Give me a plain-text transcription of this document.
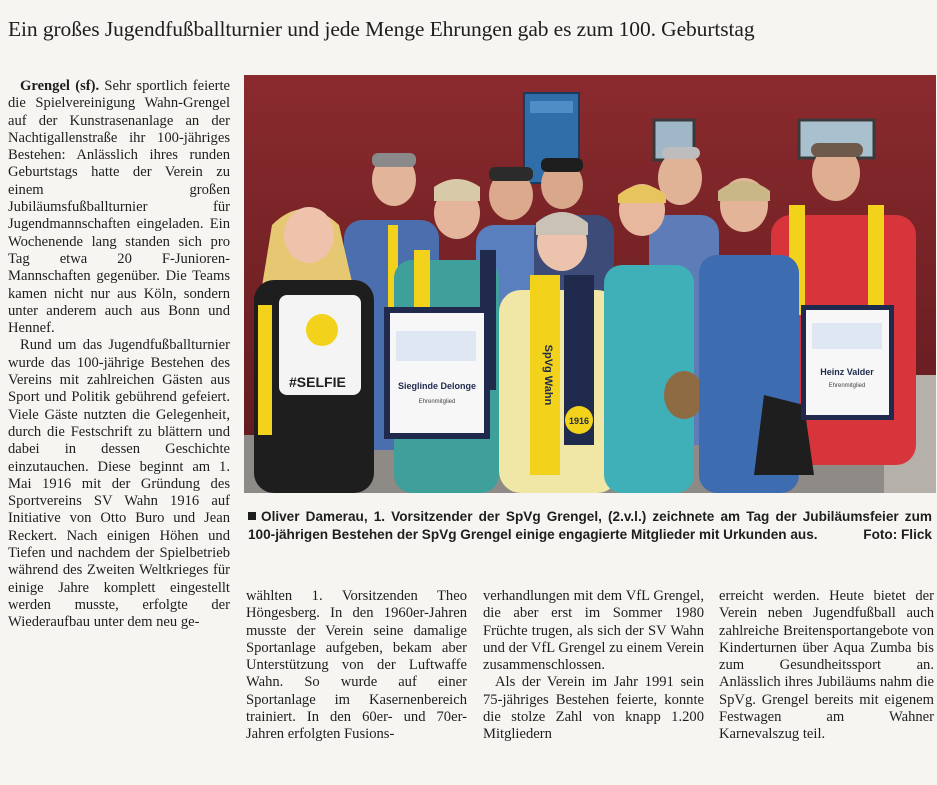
Ein großes Jugendfußballturnier und jede Menge Ehrungen gab es zum 100. Geburtstag

Grengel (sf). Sehr sportlich feierte die Spielvereinigung Wahn-Grengel auf der Kunstrasenanlage an der Nachtigallenstraße ihr 100-jähriges Bestehen: Anlässlich ihres runden Geburtstags hatte der Verein zu einem großen Jubiläumsfußballturnier für Jugendmannschaften eingeladen. Ein Wochenende lang standen sich pro Tag etwa 20 F-Junioren-Mannschaften gegenüber. Die Teams kamen nicht nur aus Köln, sondern unter anderem auch aus Bonn und Hennef.

Rund um das Jugendfußballturnier wurde das 100-jährige Bestehen des Vereins mit zahlreichen Gästen aus Sport und Politik gebührend gefeiert. Viele Gäste nutzten die Gelegenheit, durch die Festschrift zu blättern und dabei in dessen Geschichte einzutauchen. Diese beginnt am 1. Mai 1916 mit der Gründung des Sportvereins SV Wahn 1916 auf Initiative von Otto Buro und Jean Reckert. Nach einigen Höhen und Tiefen und nachdem der Spielbetrieb während des Zweiten Weltkrieges für einige Jahre komplett eingestellt werden musste, erfolgte der Wiederaufbau unter dem neu ge-

#SELFIE	Sieglinde Delonge
Ehrenmitglied	SpVg Wahn
1916
Heinz Valder
Ehrenmitglied
Oliver Damerau, 1. Vorsitzender der SpVg Grengel, (2.v.l.) zeichnete am Tag der Jubiläumsfeier zum 100-jährigen Bestehen der SpVg Grengel einige engagierte Mitglieder mit Urkunden aus.	Foto: Flick

wählten 1. Vorsitzenden Theo Höngesberg. In den 1960er-Jahren musste der Verein seine damalige Sportanlage aufgeben, bekam aber Unterstützung von der Luftwaffe Wahn. So wurde auf einer Sportanlage im Kasernenbereich trainiert. In den 60er- und 70er-Jahren erfolgten Fusions-

verhandlungen mit dem VfL Grengel, die aber erst im Sommer 1980 Früchte trugen, als sich der SV Wahn und der VfL Grengel zu einem Verein zusammenschlossen.

Als der Verein im Jahr 1991 sein 75-jähriges Bestehen feierte, konnte die stolze Zahl von knapp 1.200 Mitgliedern

erreicht werden. Heute bietet der Verein neben Jugendfußball auch zahlreiche Breitensportangebote von Kinderturnen über Aqua Zumba bis zum Gesundheitssport an. Anlässlich ihres Jubiläums nahm die SpVg. Grengel bereits mit eigenem Festwagen am Wahner Karnevalszug teil.
